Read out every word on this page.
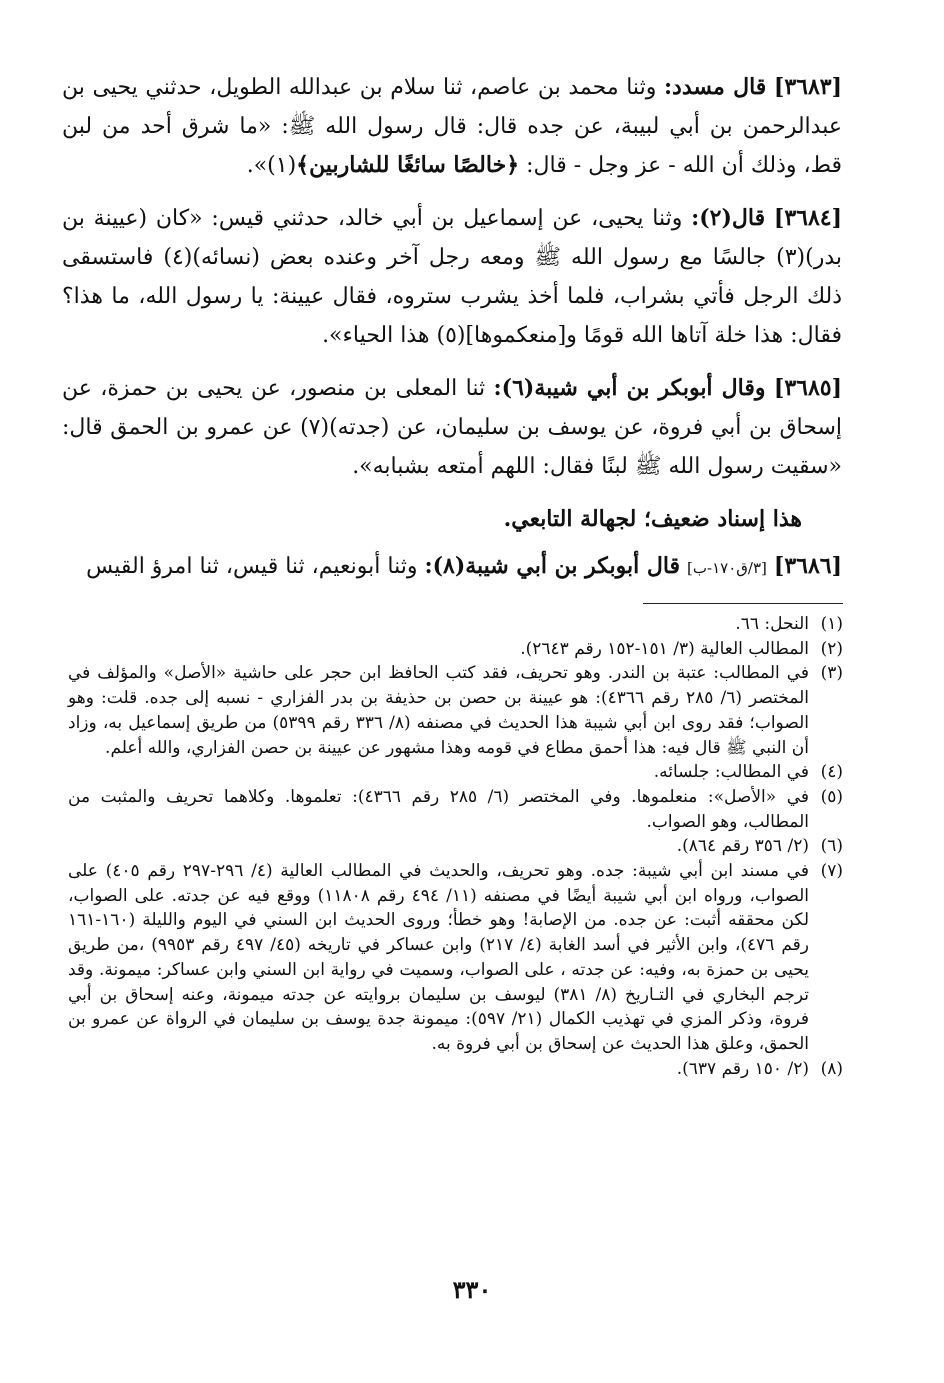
[٣٦٨٣] قال مسدد: وثنا محمد بن عاصم، ثنا سلام بن عبدالله الطويل، حدثني يحيى بن عبدالرحمن بن أبي لبيبة، عن جده قال: قال رسول الله ﷺ: «ما شرق أحد من لبن قط، وذلك أن الله - عز وجل - قال: ﴿خالصًا سائغًا للشاربين﴾(١)».

[٣٦٨٤] قال(٢): وثنا يحيى، عن إسماعيل بن أبي خالد، حدثني قيس: «كان (عيينة بن بدر)(٣) جالسًا مع رسول الله ﷺ ومعه رجل آخر وعنده بعض (نسائه)(٤) فاستسقى ذلك الرجل فأتي بشراب، فلما أخذ يشرب ستروه، فقال عيينة: يا رسول الله، ما هذا؟ فقال: هذا خلة آتاها الله قومًا و[منعكموها](٥) هذا الحياء».

[٣٦٨٥] وقال أبوبكر بن أبي شيبة(٦): ثنا المعلى بن منصور، عن يحيى بن حمزة، عن إسحاق بن أبي فروة، عن يوسف بن سليمان، عن (جدته)(٧) عن عمرو بن الحمق قال: «سقيت رسول الله ﷺ لبنًا فقال: اللهم أمتعه بشبابه».

هذا إسناد ضعيف؛ لجهالة التابعي.

[٣٦٨٦] [٣/ق١٧٠-ب] قال أبوبكر بن أبي شيبة(٨): وثنا أبونعيم، ثنا قيس، ثنا امرؤ القيس

(١)
النحل: ٦٦.
(٢)
المطالب العالية (٣/ ١٥١-١٥٢ رقم ٢٦٤٣).
(٣)
في المطالب: عتبة بن الندر. وهو تحريف، فقد كتب الحافظ ابن حجر على حاشية «الأصل» والمؤلف في المختصر (٦/ ٢٨٥ رقم ٤٣٦٦): هو عيينة بن حصن بن حذيفة بن بدر الفزاري - نسبه إلى جده. قلت: وهو الصواب؛ فقد روى ابن أبي شيبة هذا الحديث في مصنفه (٨/ ٣٣٦ رقم ٥٣٩٩) من طريق إسماعيل به، وزاد أن النبي ﷺ قال فيه: هذا أحمق مطاع في قومه وهذا مشهور عن عيينة بن حصن الفزاري، والله أعلم.
(٤)
في المطالب: جلسائه.
(٥)
في «الأصل»: منعلموها. وفي المختصر (٦/ ٢٨٥ رقم ٤٣٦٦): تعلموها. وكلاهما تحريف والمثبت من المطالب، وهو الصواب.
(٦)
(٢/ ٣٥٦ رقم ٨٦٤).
(٧)
في مسند ابن أبي شيبة: جده. وهو تحريف، والحديث في المطالب العالية (٤/ ٢٩٦-٢٩٧ رقم ٤٠٥) على الصواب، ورواه ابن أبي شيبة أيضًا في مصنفه (١١/ ٤٩٤ رقم ١١٨٠٨) ووقع فيه عن جدته. على الصواب، لكن محققه أثبت: عن جده. من الإصابة! وهو خطأ؛ وروى الحديث ابن السني في اليوم والليلة (١٦٠-١٦١ رقم ٤٧٦)، وابن الأثير في أسد الغابة (٤/ ٢١٧) وابن عساكر في تاريخه (٤٥/ ٤٩٧ رقم ٩٩٥٣) ،من طريق يحيى بن حمزة به، وفيه: عن جدته ، على الصواب، وسميت في رواية ابن السني وابن عساكر: ميمونة. وقد ترجم البخاري في التـاريخ (٨/ ٣٨١) ليوسف بن سليمان بروايته عن جدته ميمونة، وعنه إسحاق بن أبي فروة، وذكر المزي في تهذيب الكمال (٢١/ ٥٩٧): ميمونة جدة يوسف بن سليمان في الرواة عن عمرو بن الحمق، وعلق هذا الحديث عن إسحاق بن أبي فروة به.
(٨)
(٢/ ١٥٠ رقم ٦٣٧).
٣٣٠
